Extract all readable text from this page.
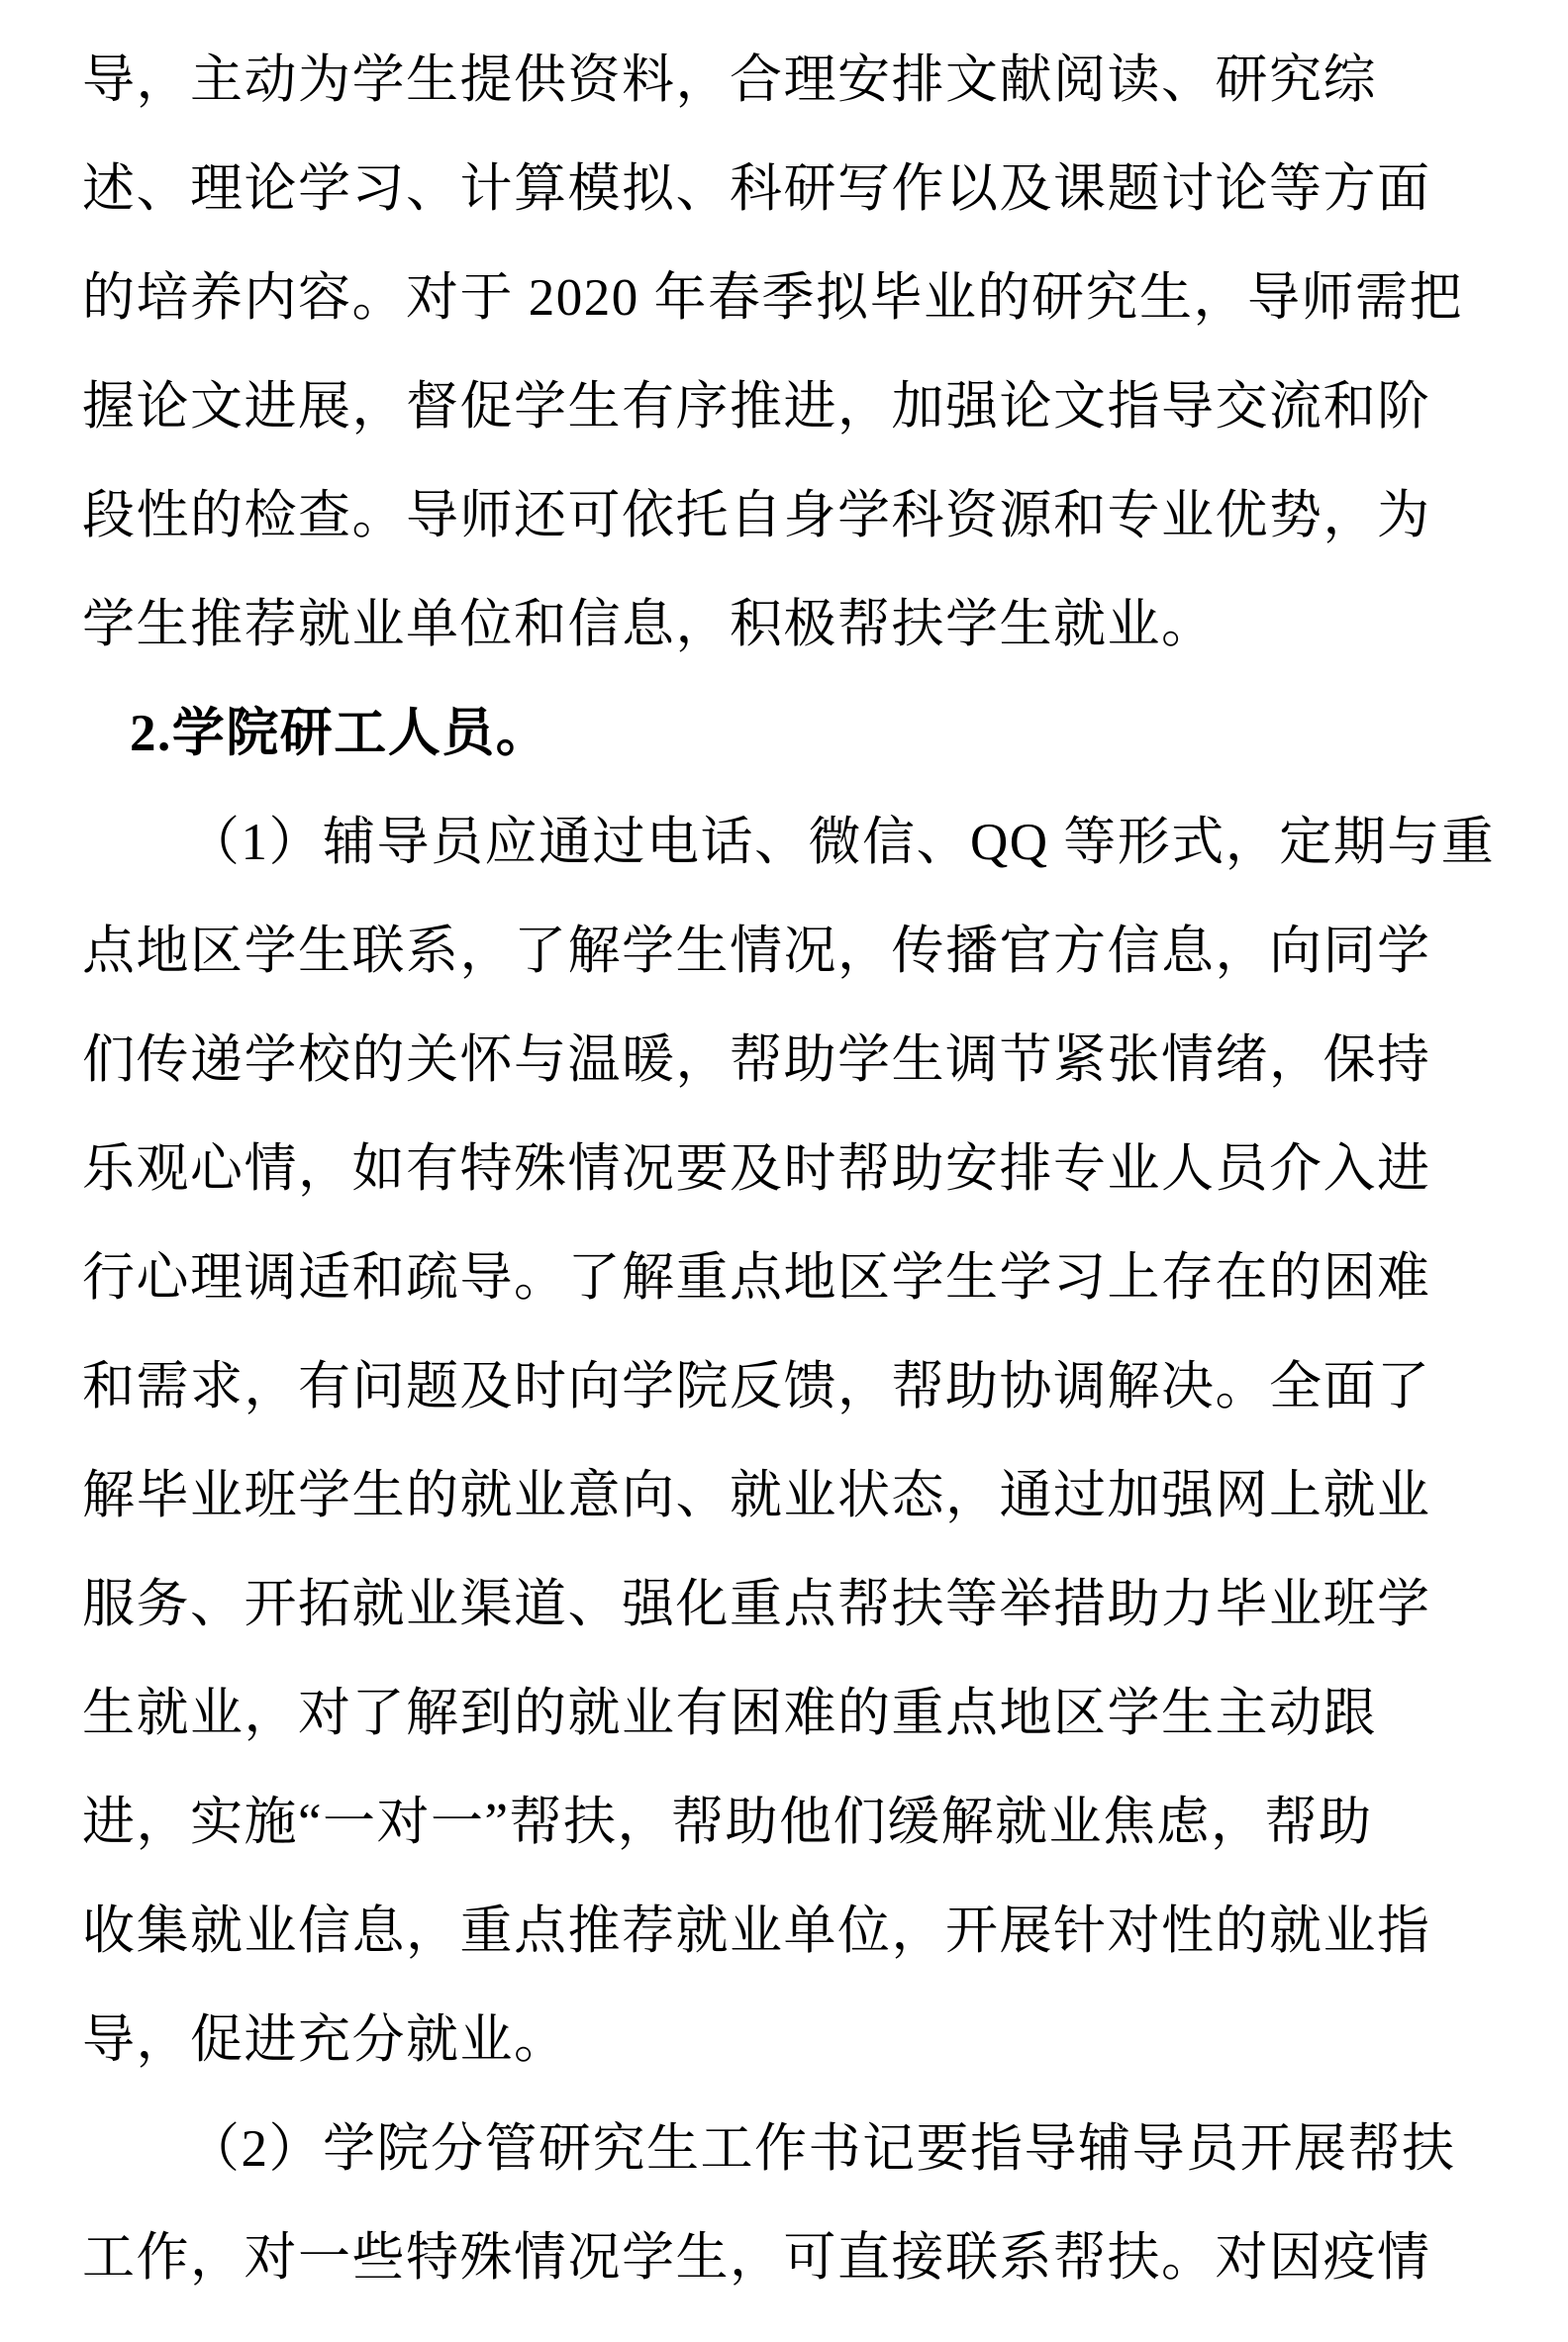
导，主动为学生提供资料，合理安排文献阅读、研究综
述、理论学习、计算模拟、科研写作以及课题讨论等方面
的培养内容。对于 2020 年春季拟毕业的研究生，导师需把
握论文进展，督促学生有序推进，加强论文指导交流和阶
段性的检查。导师还可依托自身学科资源和专业优势，为
学生推荐就业单位和信息，积极帮扶学生就业。
2.学院研工人员。
（1）辅导员应通过电话、微信、QQ 等形式，定期与重
点地区学生联系，了解学生情况，传播官方信息，向同学
们传递学校的关怀与温暖，帮助学生调节紧张情绪，保持
乐观心情，如有特殊情况要及时帮助安排专业人员介入进
行心理调适和疏导。了解重点地区学生学习上存在的困难
和需求，有问题及时向学院反馈，帮助协调解决。全面了
解毕业班学生的就业意向、就业状态，通过加强网上就业
服务、开拓就业渠道、强化重点帮扶等举措助力毕业班学
生就业，对了解到的就业有困难的重点地区学生主动跟
进，实施“一对一”帮扶，帮助他们缓解就业焦虑，帮助
收集就业信息，重点推荐就业单位，开展针对性的就业指
导，促进充分就业。
（2）学院分管研究生工作书记要指导辅导员开展帮扶
工作，对一些特殊情况学生，可直接联系帮扶。对因疫情
